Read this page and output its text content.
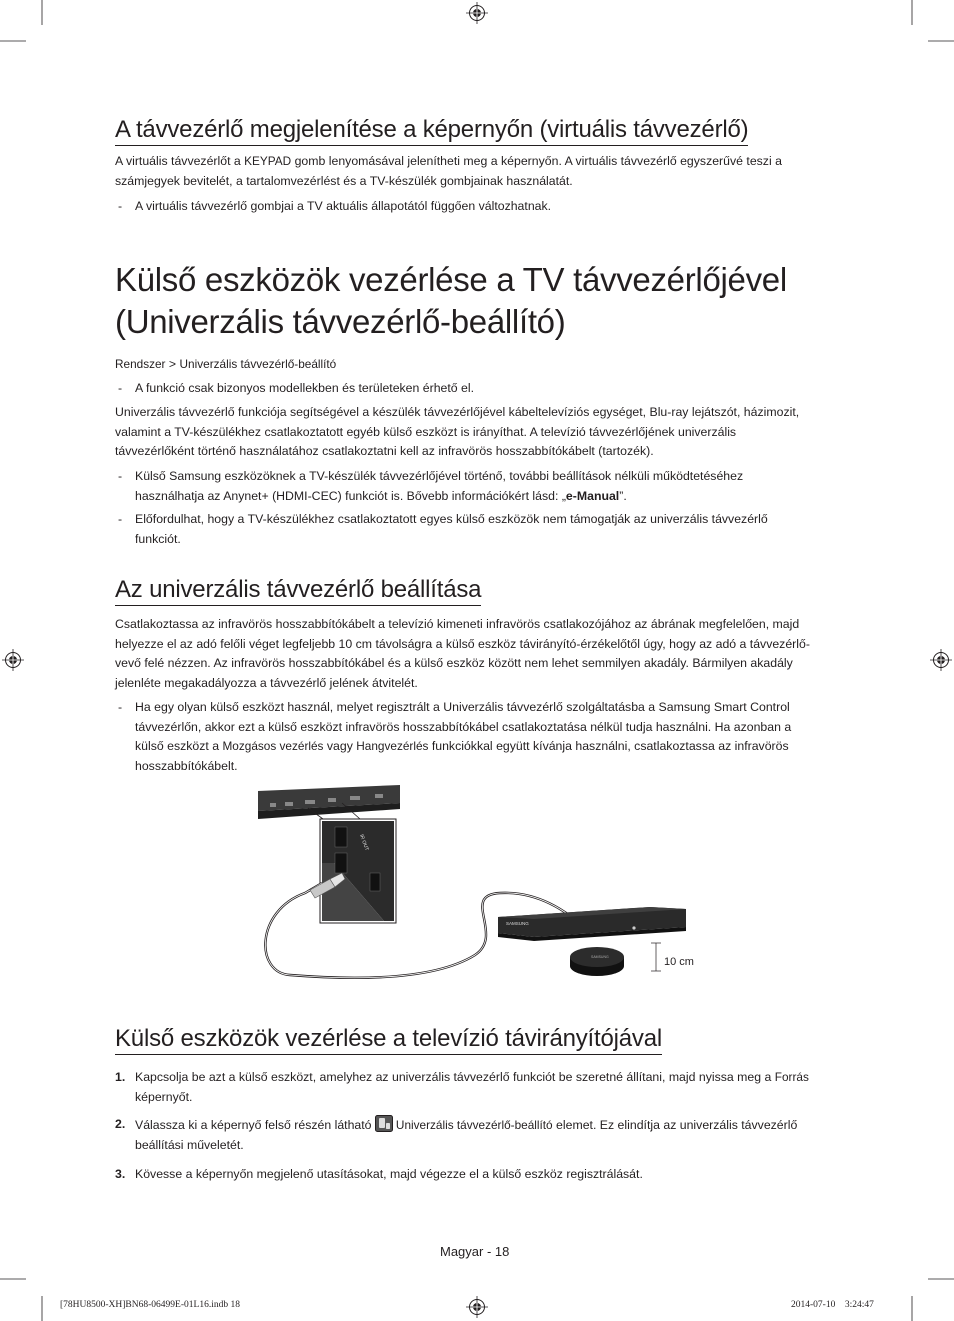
A távvezérlő megjelenítése a képernyőn (virtuális távvezérlő)
A virtuális távvezérlőt a KEYPAD gomb lenyomásával jelenítheti meg a képernyőn. A virtuális távvezérlő egyszerűvé teszi a
számjegyek bevitelét, a tartalomvezérlést és a TV-készülék gombjainak használatát.
- A virtuális távvezérlő gombjai a TV aktuális állapotától függően változhatnak.
Külső eszközök vezérlése a TV távvezérlőjével
(Univerzális távvezérlő-beállító)
Rendszer > Univerzális távvezérlő-beállító
- A funkció csak bizonyos modellekben és területeken érhető el.
Univerzális távvezérlő funkciója segítségével a készülék távvezérlőjével kábeltelevíziós egységet, Blu-ray lejátszót, házimozit,
valamint a TV-készülékhez csatlakoztatott egyéb külső eszközt is irányíthat. A televízió távvezérlőjének univerzális
távvezérlőként történő használatához csatlakoztatni kell az infravörös hosszabbítókábelt (tartozék).
- Külső Samsung eszközöknek a TV-készülék távvezérlőjével történő, további beállítások nélküli működtetéséhez
használhatja az Anynet+ (HDMI-CEC) funkciót is. Bővebb információkért lásd: „e-Manual”.
- Előfordulhat, hogy a TV-készülékhez csatlakoztatott egyes külső eszközök nem támogatják az univerzális távvezérlő
funkciót.
Az univerzális távvezérlő beállítása
Csatlakoztassa az infravörös hosszabbítókábelt a televízió kimeneti infravörös csatlakozójához az ábrának megfelelően, majd
helyezze el az adó felőli véget legfeljebb 10 cm távolságra a külső eszköz távirányító-érzékelőtől úgy, hogy az adó a távvezérlő-
vevő felé nézzen. Az infravörös hosszabbítókábel és a külső eszköz között nem lehet semmilyen akadály. Bármilyen akadály
jelenléte megakadályozza a távvezérlő jelének átvitelét.
- Ha egy olyan külső eszközt használ, melyet regisztrált a Univerzális távvezérlő szolgáltatásba a Samsung Smart Control
távvezérlőn, akkor ezt a külső eszközt infravörös hosszabbítókábel csatlakoztatása nélkül tudja használni. Ha azonban a
külső eszközt a Mozgásos vezérlés vagy Hangvezérlés funkciókkal együtt kívánja használni, csatlakoztassa az infravörös
hosszabbítókábelt.
IR OUT
SAMSUNG
SAMSUNG	10 cm
Külső eszközök vezérlése a televízió távirányítójával
1. Kapcsolja be azt a külső eszközt, amelyhez az univerzális távvezérlő funkciót be szeretné állítani, majd nyissa meg a Forrás
képernyőt.
2. Válassza ki a képernyő felső részén látható Univerzális távvezérlő-beállító elemet. Ez elindítja az univerzális távvezérlő
beállítási műveletét.
3. Kövesse a képernyőn megjelenő utasításokat, majd végezze el a külső eszköz regisztrálását.
Magyar - 18
[78HU8500-XH]BN68-06499E-01L16.indb 18	2014-07-10   3:24:47
